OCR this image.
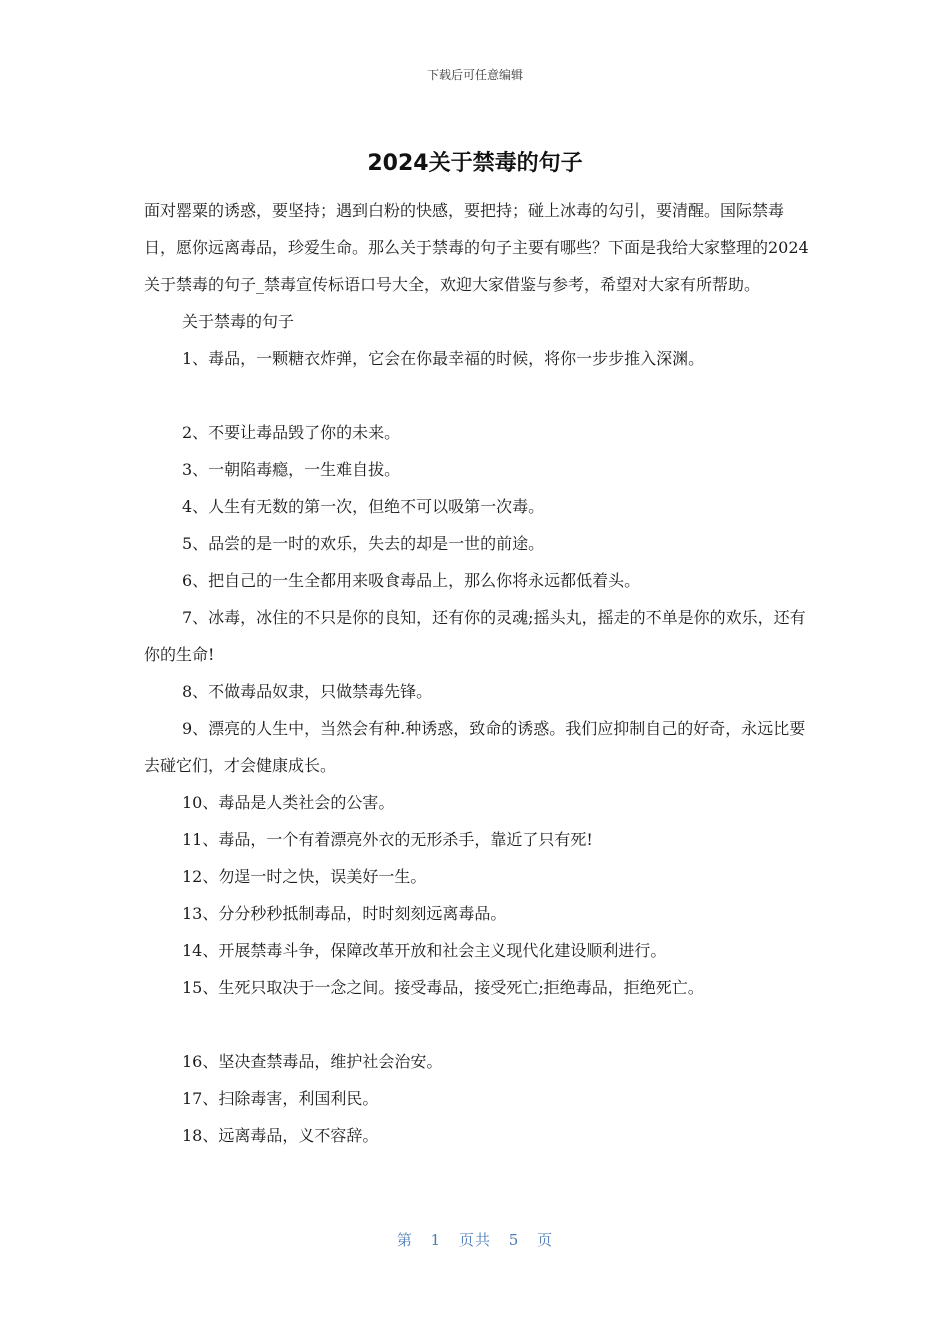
下载后可任意编辑
2024关于禁毒的句子

面对罂粟的诱惑，要坚持；遇到白粉的快感，要把持；碰上冰毒的勾引，要清醒。国际禁毒日，愿你远离毒品，珍爱生命。那么关于禁毒的句子主要有哪些？下面是我给大家整理的2024关于禁毒的句子_禁毒宣传标语口号大全，欢迎大家借鉴与参考，希望对大家有所帮助。

关于禁毒的句子

1、毒品，一颗糖衣炸弹，它会在你最幸福的时候，将你一步步推入深渊。

2、不要让毒品毁了你的未来。

3、一朝陷毒瘾，一生难自拔。

4、人生有无数的第一次，但绝不可以吸第一次毒。

5、品尝的是一时的欢乐，失去的却是一世的前途。

6、把自己的一生全都用来吸食毒品上，那么你将永远都低着头。

7、冰毒，冰住的不只是你的良知，还有你的灵魂;摇头丸，摇走的不单是你的欢乐，还有你的生命!

8、不做毒品奴隶，只做禁毒先锋。

9、漂亮的人生中，当然会有种.种诱惑，致命的诱惑。我们应抑制自己的好奇，永远比要去碰它们，才会健康成长。

10、毒品是人类社会的公害。

11、毒品，一个有着漂亮外衣的无形杀手，靠近了只有死!

12、勿逞一时之快，误美好一生。

13、分分秒秒抵制毒品，时时刻刻远离毒品。

14、开展禁毒斗争，保障改革开放和社会主义现代化建设顺利进行。

15、生死只取决于一念之间。接受毒品，接受死亡;拒绝毒品，拒绝死亡。

16、坚决查禁毒品，维护社会治安。

17、扫除毒害，利国利民。

18、远离毒品，义不容辞。

第 1 页共 5 页
